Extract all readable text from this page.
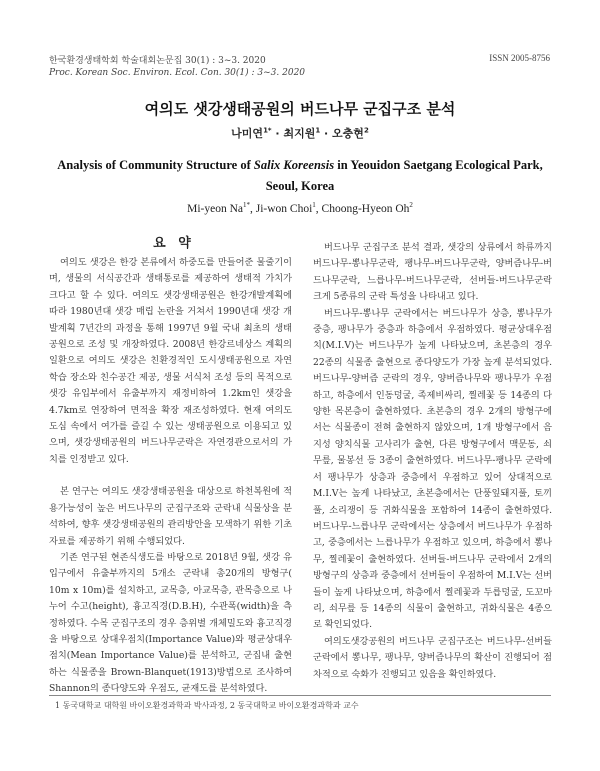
한국환경생태학회 학술대회논문집 30(1) : 3~3. 2020
Proc. Korean Soc. Environ. Ecol. Con. 30(1) : 3~3. 2020
ISSN 2005-8756
여의도 샛강생태공원의 버드나무 군집구조 분석
나미연$^{1*}$ · 최지원$^1$ · 오충현$^2$
Analysis of Community Structure of Salix Koreensis in Yeouidon Saetgang Ecological Park, Seoul, Korea
Mi-yeon $Na^{1*}$, Ji-won Choi$^1$, Choong-Hyeon Oh$^2$
요 약

여의도 샛강은 한강 본류에서 하중도를 만들어준 물줄기이며, 생물의 서식공간과 생태통로를 제공하여 생태적 가치가 크다고 할 수 있다. 여의도 샛강생태공원은 한강개발계획에 따라 1980년대 샛강 매립 논란을 거쳐서 1990년대 샛강 개발계획 7년간의 과정을 통해 1997년 9월 국내 최초의 생태공원으로 조성 및 개장하였다. 2008년 한강르네상스 계획의 일환으로 여의도 샛강은 친환경적인 도시생태공원으로 자연학습 장소와 친수공간 제공, 생물 서식처 조성 등의 목적으로 샛강 유입부에서 유출부까지 재정비하여 1.2km인 샛강을 4.7km로 연장하여 면적을 확장 재조성하였다. 현재 여의도 도심 속에서 여가를 즐길 수 있는 생태공원으로 이용되고 있으며, 샛강생태공원의 버드나무군락은 자연경관으로서의 가치를 인정받고 있다.

본 연구는 여의도 샛강생태공원을 대상으로 하천복원에 적용가능성이 높은 버드나무의 군집구조와 군락내 식물상을 분석하여, 향후 샛강생태공원의 관리방안을 모색하기 위한 기초자료를 제공하기 위해 수행되었다.

기존 연구된 현존식생도를 바탕으로 2018년 9월, 샛강 유입구에서 유출부까지의 5개소 군락내 총20개의 방형구( 10m x 10m)를 설치하고, 교목층, 아교목층, 관목층으로 나누어 수고(height), 흉고직경(D.B.H), 수관폭(width)을 측정하였다. 수목 군집구조의 경우 층위별 개체밀도와 흉고직경을 바탕으로 상대우점치(Importance Value)와 평균상대우점치(Mean Importance Value)를 분석하고, 군집내 출현하는 식물종을 Brown-Blanquet(1913)방법으로 조사하여 Shannon의 종다양도와 우점도, 균재도를 분석하였다.

버드나무 군집구조 분석 결과, 샛강의 상류에서 하류까지 버드나무-뽕나무군락, 팽나무-버드나무군락, 양버즘나무-버드나무군락, 느릅나무-버드나무군락, 선버들-버드나무군락 크게 5종류의 군락 특성을 나타내고 있다.

버드나무-뽕나무 군락에서는 버드나무가 상층, 뽕나무가 중층, 팽나무가 중층과 하층에서 우점하였다. 평균상대우점치(M.I.V)는 버드나무가 높게 나타났으며, 초본층의 경우 22종의 식물종 출현으로 종다양도가 가장 높게 분석되었다. 버드나무-양버즘 군락의 경우, 양버즘나무와 팽나무가 우점하고, 하층에서 인동덩굴, 족제비싸리, 찔레꽃 등 14종의 다양한 목본층이 출현하였다. 초본층의 경우 2개의 방형구에서는 식물종이 전혀 출현하지 않았으며, 1개 방형구에서 음지성 양치식물 고사리가 출현, 다른 방형구에서 맥문동, 쇠무릎, 물봉선 등 3종이 출현하였다. 버드나무-팽나무 군락에서 팽나무가 상층과 중층에서 우점하고 있어 상대적으로 M.I.V는 높게 나타났고, 초본층에서는 단풍잎돼지풀, 토끼풀, 소리쟁이 등 귀화식물을 포함하여 14종이 출현하였다. 버드나무-느릅나무 군락에서는 상층에서 버드나무가 우점하고, 중층에서는 느릅나무가 우점하고 있으며, 하층에서 뽕나무, 찔레꽃이 출현하였다. 선버들-버드나무 군락에서 2개의 방형구의 상층과 중층에서 선버들이 우점하여 M.I.V는 선버들이 높게 나타났으며, 하층에서 찔레꽃과 두릅덩굴, 도꼬마리, 쇠무릎 등 14종의 식물이 출현하고, 귀화식물은 4종으로 확인되었다.

여의도샛강공원의 버드나무 군집구조는 버드나무-선버들 군락에서 뽕나무, 팽나무, 양버즘나무의 확산이 진행되어 점차적으로 숙화가 진행되고 있음을 확인하였다.

1 동국대학교 대학원 바이오환경과학과 박사과정, 2 동국대학교 바이오환경과학과 교수
